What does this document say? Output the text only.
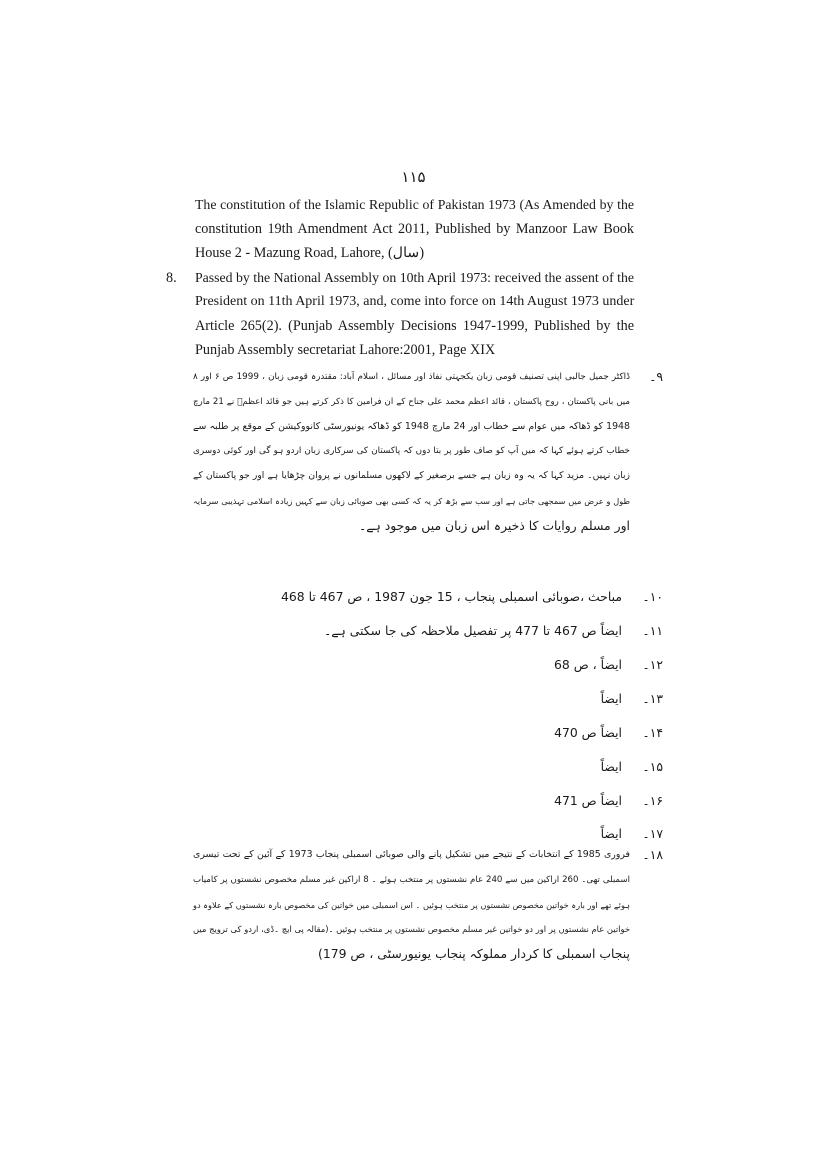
۱۱۵
The constitution of the Islamic Republic of Pakistan 1973 (As Amended by the
constitution 19th Amendment Act 2011, Published by Manzoor Law Book
House 2 - Mazung Road, Lahore, (سال)
8. Passed by the National Assembly on 10th April 1973: received the assent of the
President on 11th April 1973, and, come into force on 14th August 1973 under
Article 265(2). (Punjab Assembly Decisions 1947-1999, Published by the
Punjab Assembly secretariat Lahore:2001, Page XIX
۹۔
ڈاکٹر جمیل جالبی اپنی تصنیف قومی زبان یکجہتی نفاذ اور مسائل ، اسلام آباد: مقتدرہ قومی زبان ، 1999 ص ۶ اور ۸
میں بانی پاکستان ، روح پاکستان ، قائد اعظم محمد علی جناح کے ان فرامین کا ذکر کرتے ہیں جو قائد اعظمؒ نے 21 مارچ
1948 کو ڈھاکہ میں عوام سے خطاب اور 24 مارچ 1948 کو ڈھاکہ یونیورسٹی کانووکیشن کے موقع پر طلبہ سے
خطاب کرتے ہوئے کہا کہ میں آپ کو صاف طور پر بتا دوں کہ پاکستان کی سرکاری زبان اردو ہو گی اور کوئی دوسری
زبان نہیں۔ مزید کہا کہ یہ وہ زبان ہے جسے برصغیر کے لاکھوں مسلمانوں نے پروان چڑھایا ہے اور جو پاکستان کے
طول و عرض میں سمجھی جاتی ہے اور سب سے بڑھ کر یہ کہ کسی بھی صوبائی زبان سے کہیں زیادہ اسلامی تہذیبی سرمایہ
اور مسلم روایات کا ذخیرہ اس زبان میں موجود ہے۔
۱۰۔
مباحث ،صوبائی اسمبلی پنجاب ، 15 جون 1987 ، ص 467 تا 468
۱۱۔
ایضاً ص 467 تا 477 پر تفصیل ملاحظہ کی جا سکتی ہے۔
۱۲۔
ایضاً ، ص 68
۱۳۔
ایضاً
۱۴۔
ایضاً ص 470
۱۵۔
ایضاً
۱۶۔
ایضاً ص 471
۱۷۔
ایضاً
۱۸۔
فروری 1985 کے انتخابات کے نتیجے میں تشکیل پانے والی صوبائی اسمبلی پنجاب 1973 کے آئین کے تحت تیسری
اسمبلی تھی۔ 260 اراکین میں سے 240 عام نشستوں پر منتخب ہوئے ۔ 8 اراکین غیر مسلم مخصوص نشستوں پر کامیاب
ہوئے تھے اور بارہ خواتین مخصوص نشستوں پر منتخب ہوئیں ۔ اس اسمبلی میں خواتین کی مخصوص بارہ نشستوں کے علاوہ دو
خواتین عام نشستوں پر اور دو خواتین غیر مسلم مخصوص نشستوں پر منتخب ہوئیں ۔(مقالہ پی ایچ ۔ڈی، اردو کی ترویج میں
پنجاب اسمبلی کا کردار مملوکہ پنجاب یونیورسٹی ، ص 179)
